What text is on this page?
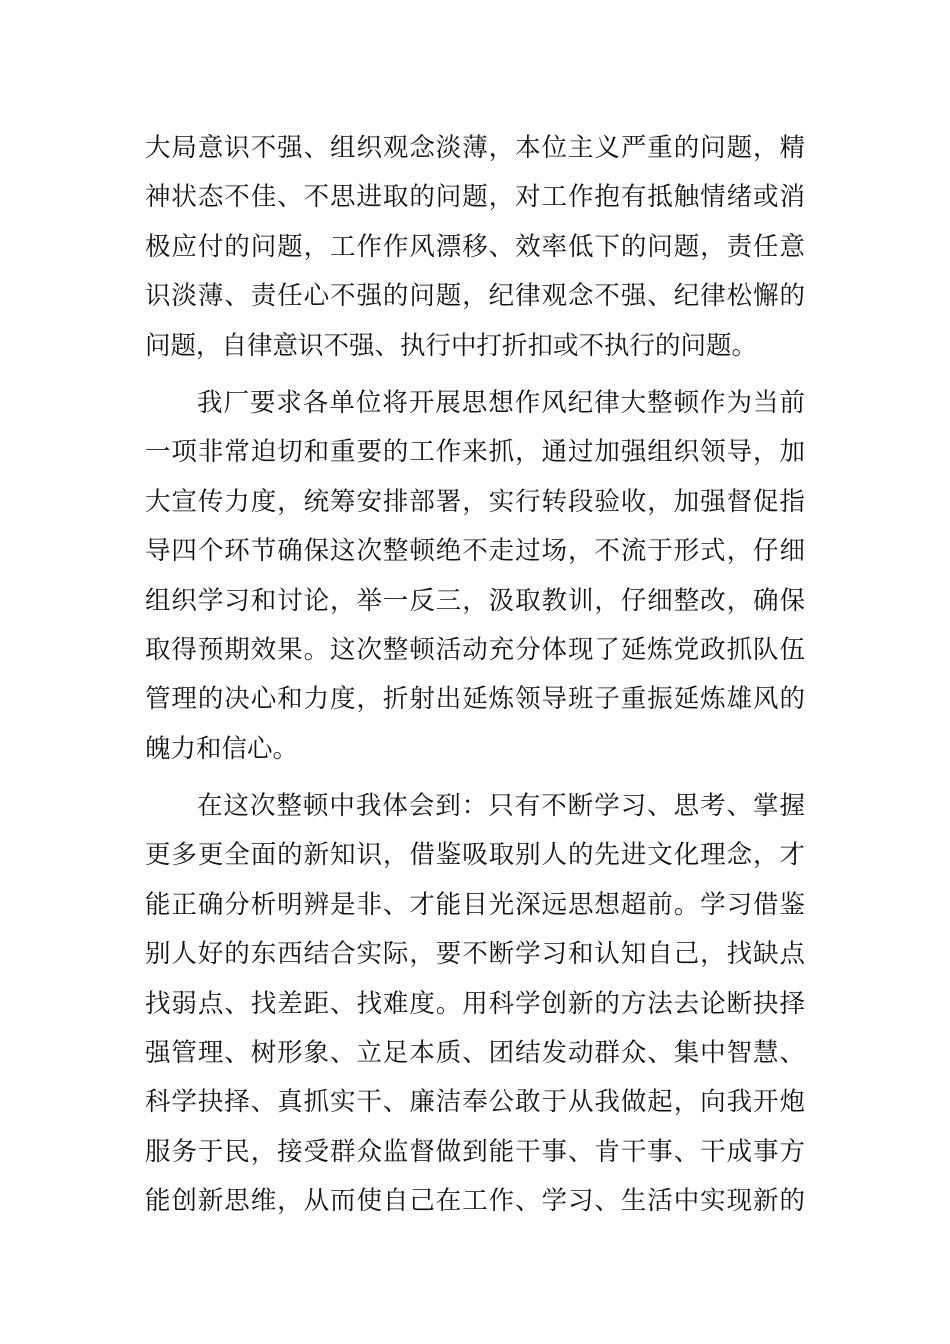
大局意识不强、组织观念淡薄，本位主义严重的问题，精
神状态不佳、不思进取的问题，对工作抱有抵触情绪或消
极应付的问题，工作作风漂移、效率低下的问题，责任意
识淡薄、责任心不强的问题，纪律观念不强、纪律松懈的
问题，自律意识不强、执行中打折扣或不执行的问题。
我厂要求各单位将开展思想作风纪律大整顿作为当前
一项非常迫切和重要的工作来抓，通过加强组织领导，加
大宣传力度，统筹安排部署，实行转段验收，加强督促指
导四个环节确保这次整顿绝不走过场，不流于形式，仔细
组织学习和讨论，举一反三，汲取教训，仔细整改，确保
取得预期效果。这次整顿活动充分体现了延炼党政抓队伍
管理的决心和力度，折射出延炼领导班子重振延炼雄风的
魄力和信心。
在这次整顿中我体会到：只有不断学习、思考、掌握
更多更全面的新知识，借鉴吸取别人的先进文化理念，才
能正确分析明辨是非、才能目光深远思想超前。学习借鉴
别人好的东西结合实际，要不断学习和认知自己，找缺点
找弱点、找差距、找难度。用科学创新的方法去论断抉择
强管理、树形象、立足本质、团结发动群众、集中智慧、
科学抉择、真抓实干、廉洁奉公敢于从我做起，向我开炮
服务于民，接受群众监督做到能干事、肯干事、干成事方
能创新思维，从而使自己在工作、学习、生活中实现新的
